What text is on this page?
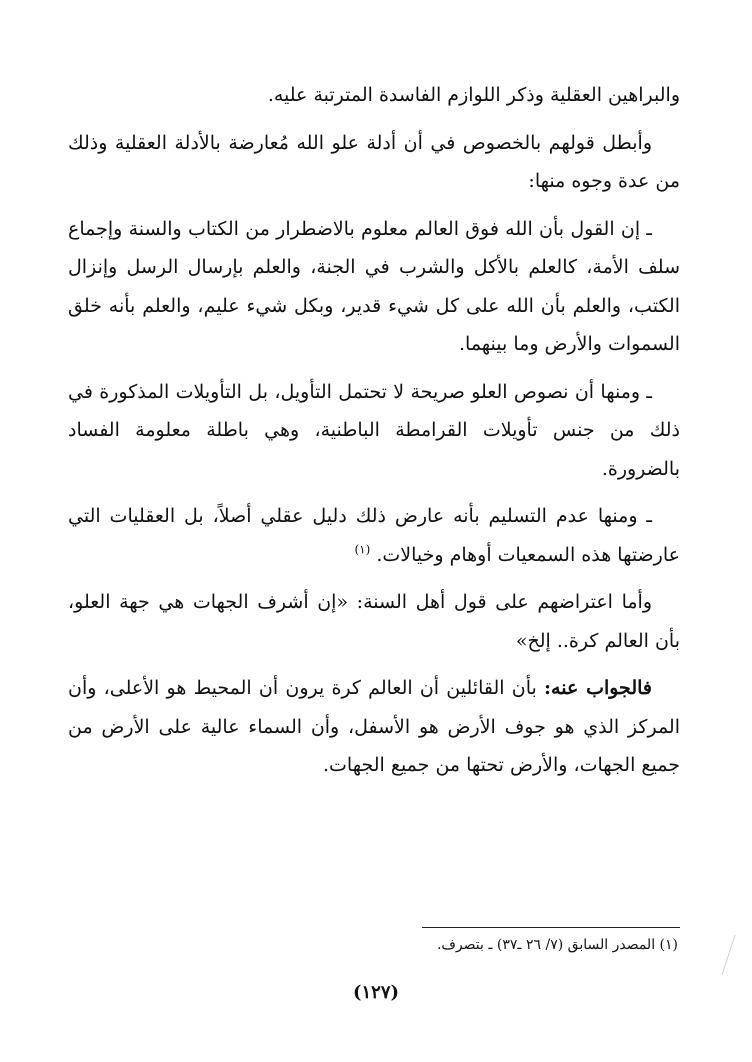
والبراهين العقلية وذكر اللوازم الفاسدة المترتبة عليه.

وأبطل قولهم بالخصوص في أن أدلة علو الله مُعارضة بالأدلة العقلية وذلك من عدة وجوه منها:

ـ إن القول بأن الله فوق العالم معلوم بالاضطرار من الكتاب والسنة وإجماع سلف الأمة، كالعلم بالأكل والشرب في الجنة، والعلم بإرسال الرسل وإنزال الكتب، والعلم بأن الله على كل شيء قدير، وبكل شيء عليم، والعلم بأنه خلق السموات والأرض وما بينهما.

ـ ومنها أن نصوص العلو صريحة لا تحتمل التأويل، بل التأويلات المذكورة في ذلك من جنس تأويلات القرامطة الباطنية، وهي باطلة معلومة الفساد بالضرورة.

ـ ومنها عدم التسليم بأنه عارض ذلك دليل عقلي أصلاً، بل العقليات التي عارضتها هذه السمعيات أوهام وخيالات. $^{(١)}$

وأما اعتراضهم على قول أهل السنة: «إن أشرف الجهات هي جهة العلو، بأن العالم كرة.. إلخ»

فالجواب عنه: بأن القائلين أن العالم كرة يرون أن المحيط هو الأعلى، وأن المركز الذي هو جوف الأرض هو الأسفل، وأن السماء عالية على الأرض من جميع الجهات، والأرض تحتها من جميع الجهات.

(١) المصدر السابق (٧/ ٢٦ ـ٣٧) ـ بتصرف.

(١٢٧)
